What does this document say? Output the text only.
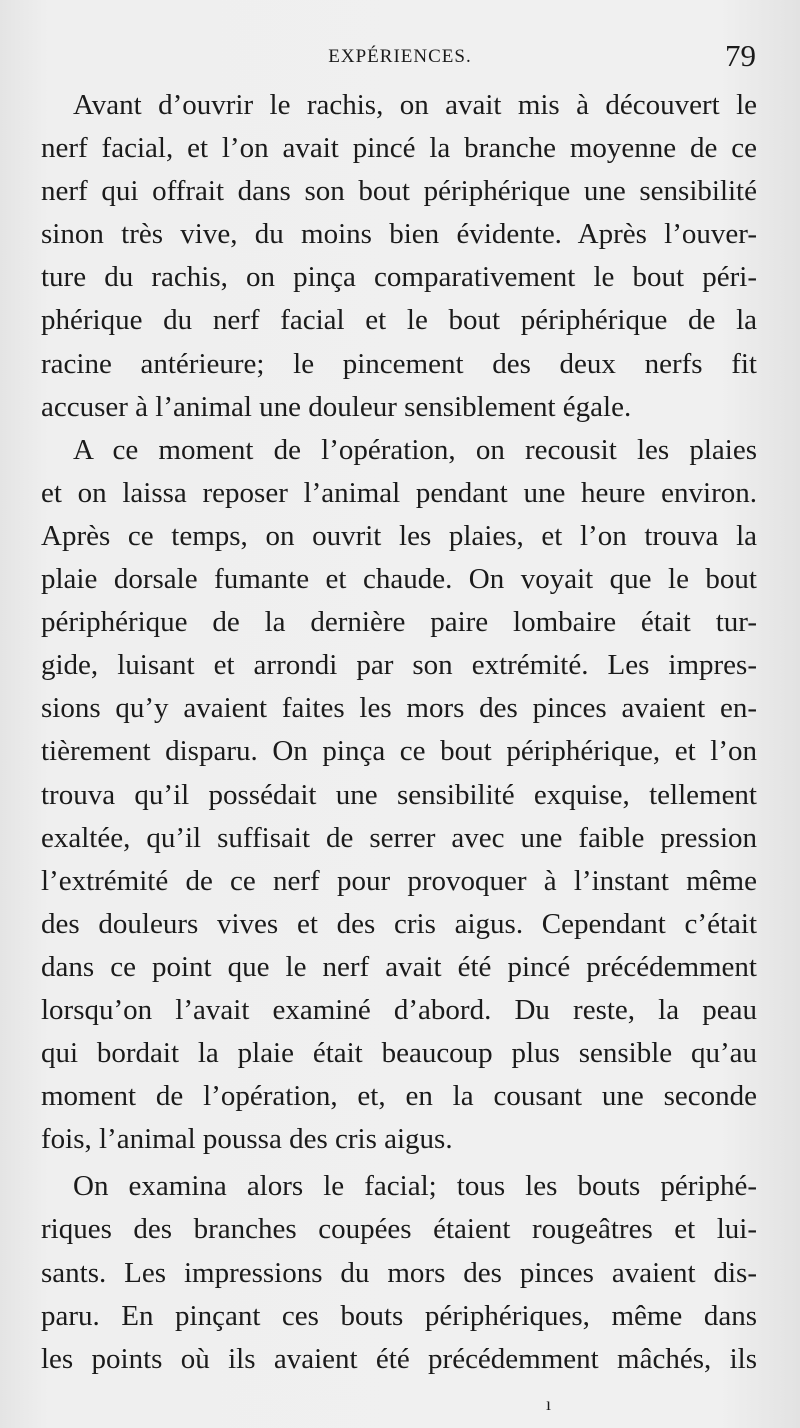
EXPÉRIENCES.	79
Avant d’ouvrir le rachis, on avait mis à découvert le
nerf facial, et l’on avait pincé la branche moyenne de ce
nerf qui offrait dans son bout périphérique une sensibilité
sinon très vive, du moins bien évidente. Après l’ouver-
ture du rachis, on pinça comparativement le bout péri-
phérique du nerf facial et le bout périphérique de la
racine antérieure; le pincement des deux nerfs fit
accuser à l’animal une douleur sensiblement égale.
A ce moment de l’opération, on recousit les plaies
et on laissa reposer l’animal pendant une heure environ.
Après ce temps, on ouvrit les plaies, et l’on trouva la
plaie dorsale fumante et chaude. On voyait que le bout
périphérique de la dernière paire lombaire était tur-
gide, luisant et arrondi par son extrémité. Les impres-
sions qu’y avaient faites les mors des pinces avaient en-
tièrement disparu. On pinça ce bout périphérique, et l’on
trouva qu’il possédait une sensibilité exquise, tellement
exaltée, qu’il suffisait de serrer avec une faible pression
l’extrémité de ce nerf pour provoquer à l’instant même
des douleurs vives et des cris aigus. Cependant c’était
dans ce point que le nerf avait été pincé précédemment
lorsqu’on l’avait examiné d’abord. Du reste, la peau
qui bordait la plaie était beaucoup plus sensible qu’au
moment de l’opération, et, en la cousant une seconde
fois, l’animal poussa des cris aigus.
On examina alors le facial; tous les bouts périphé-
riques des branches coupées étaient rougeâtres et lui-
sants. Les impressions du mors des pinces avaient dis-
paru. En pinçant ces bouts périphériques, même dans
les points où ils avaient été précédemment mâchés, ils
ı
